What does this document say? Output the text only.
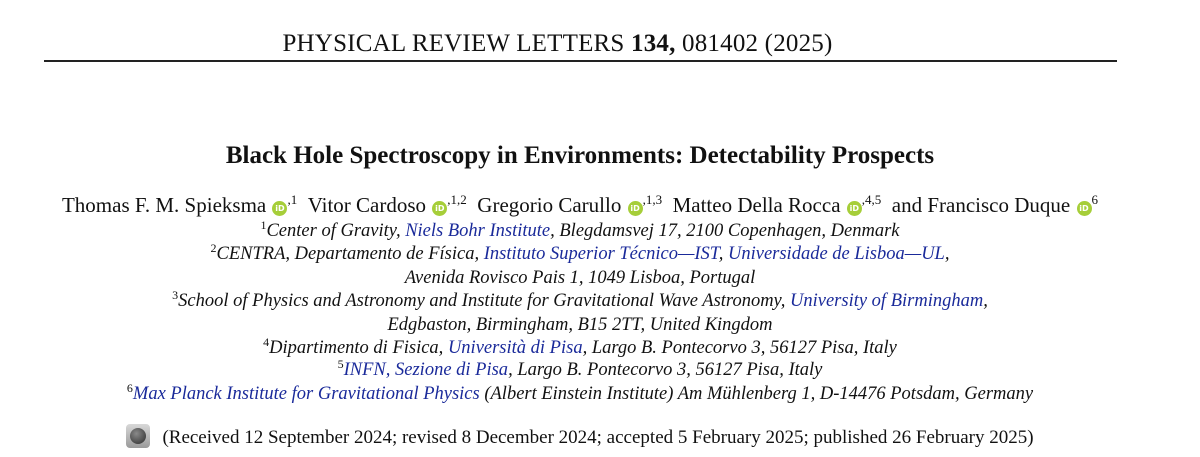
PHYSICAL REVIEW LETTERS 134, 081402 (2025)
Black Hole Spectroscopy in Environments: Detectability Prospects
Thomas F. M. Spieksma $iD^{,1}$ Vitor Cardoso $iD^{,1,2}$ Gregorio Carullo $iD^{,1,3}$ Matteo Della Rocca $iD^{,4,5}$ and Francisco Duque $iD^6$
$^1$Center of Gravity, Niels Bohr Institute, Blegdamsvej 17, 2100 Copenhagen, Denmark
$^2$CENTRA, Departamento de Física, Instituto Superior Técnico—IST, Universidade de Lisboa—UL,
Avenida Rovisco Pais 1, 1049 Lisboa, Portugal
$^3$School of Physics and Astronomy and Institute for Gravitational Wave Astronomy, University of Birmingham,
Edgbaston, Birmingham, B15 2TT, United Kingdom
$^4$Dipartimento di Fisica, Università di Pisa, Largo B. Pontecorvo 3, 56127 Pisa, Italy
$^5$INFN, Sezione di Pisa, Largo B. Pontecorvo 3, 56127 Pisa, Italy
$^6$Max Planck Institute for Gravitational Physics (Albert Einstein Institute) Am Mühlenberg 1, D-14476 Potsdam, Germany
(Received 12 September 2024; revised 8 December 2024; accepted 5 February 2025; published 26 February 2025)
